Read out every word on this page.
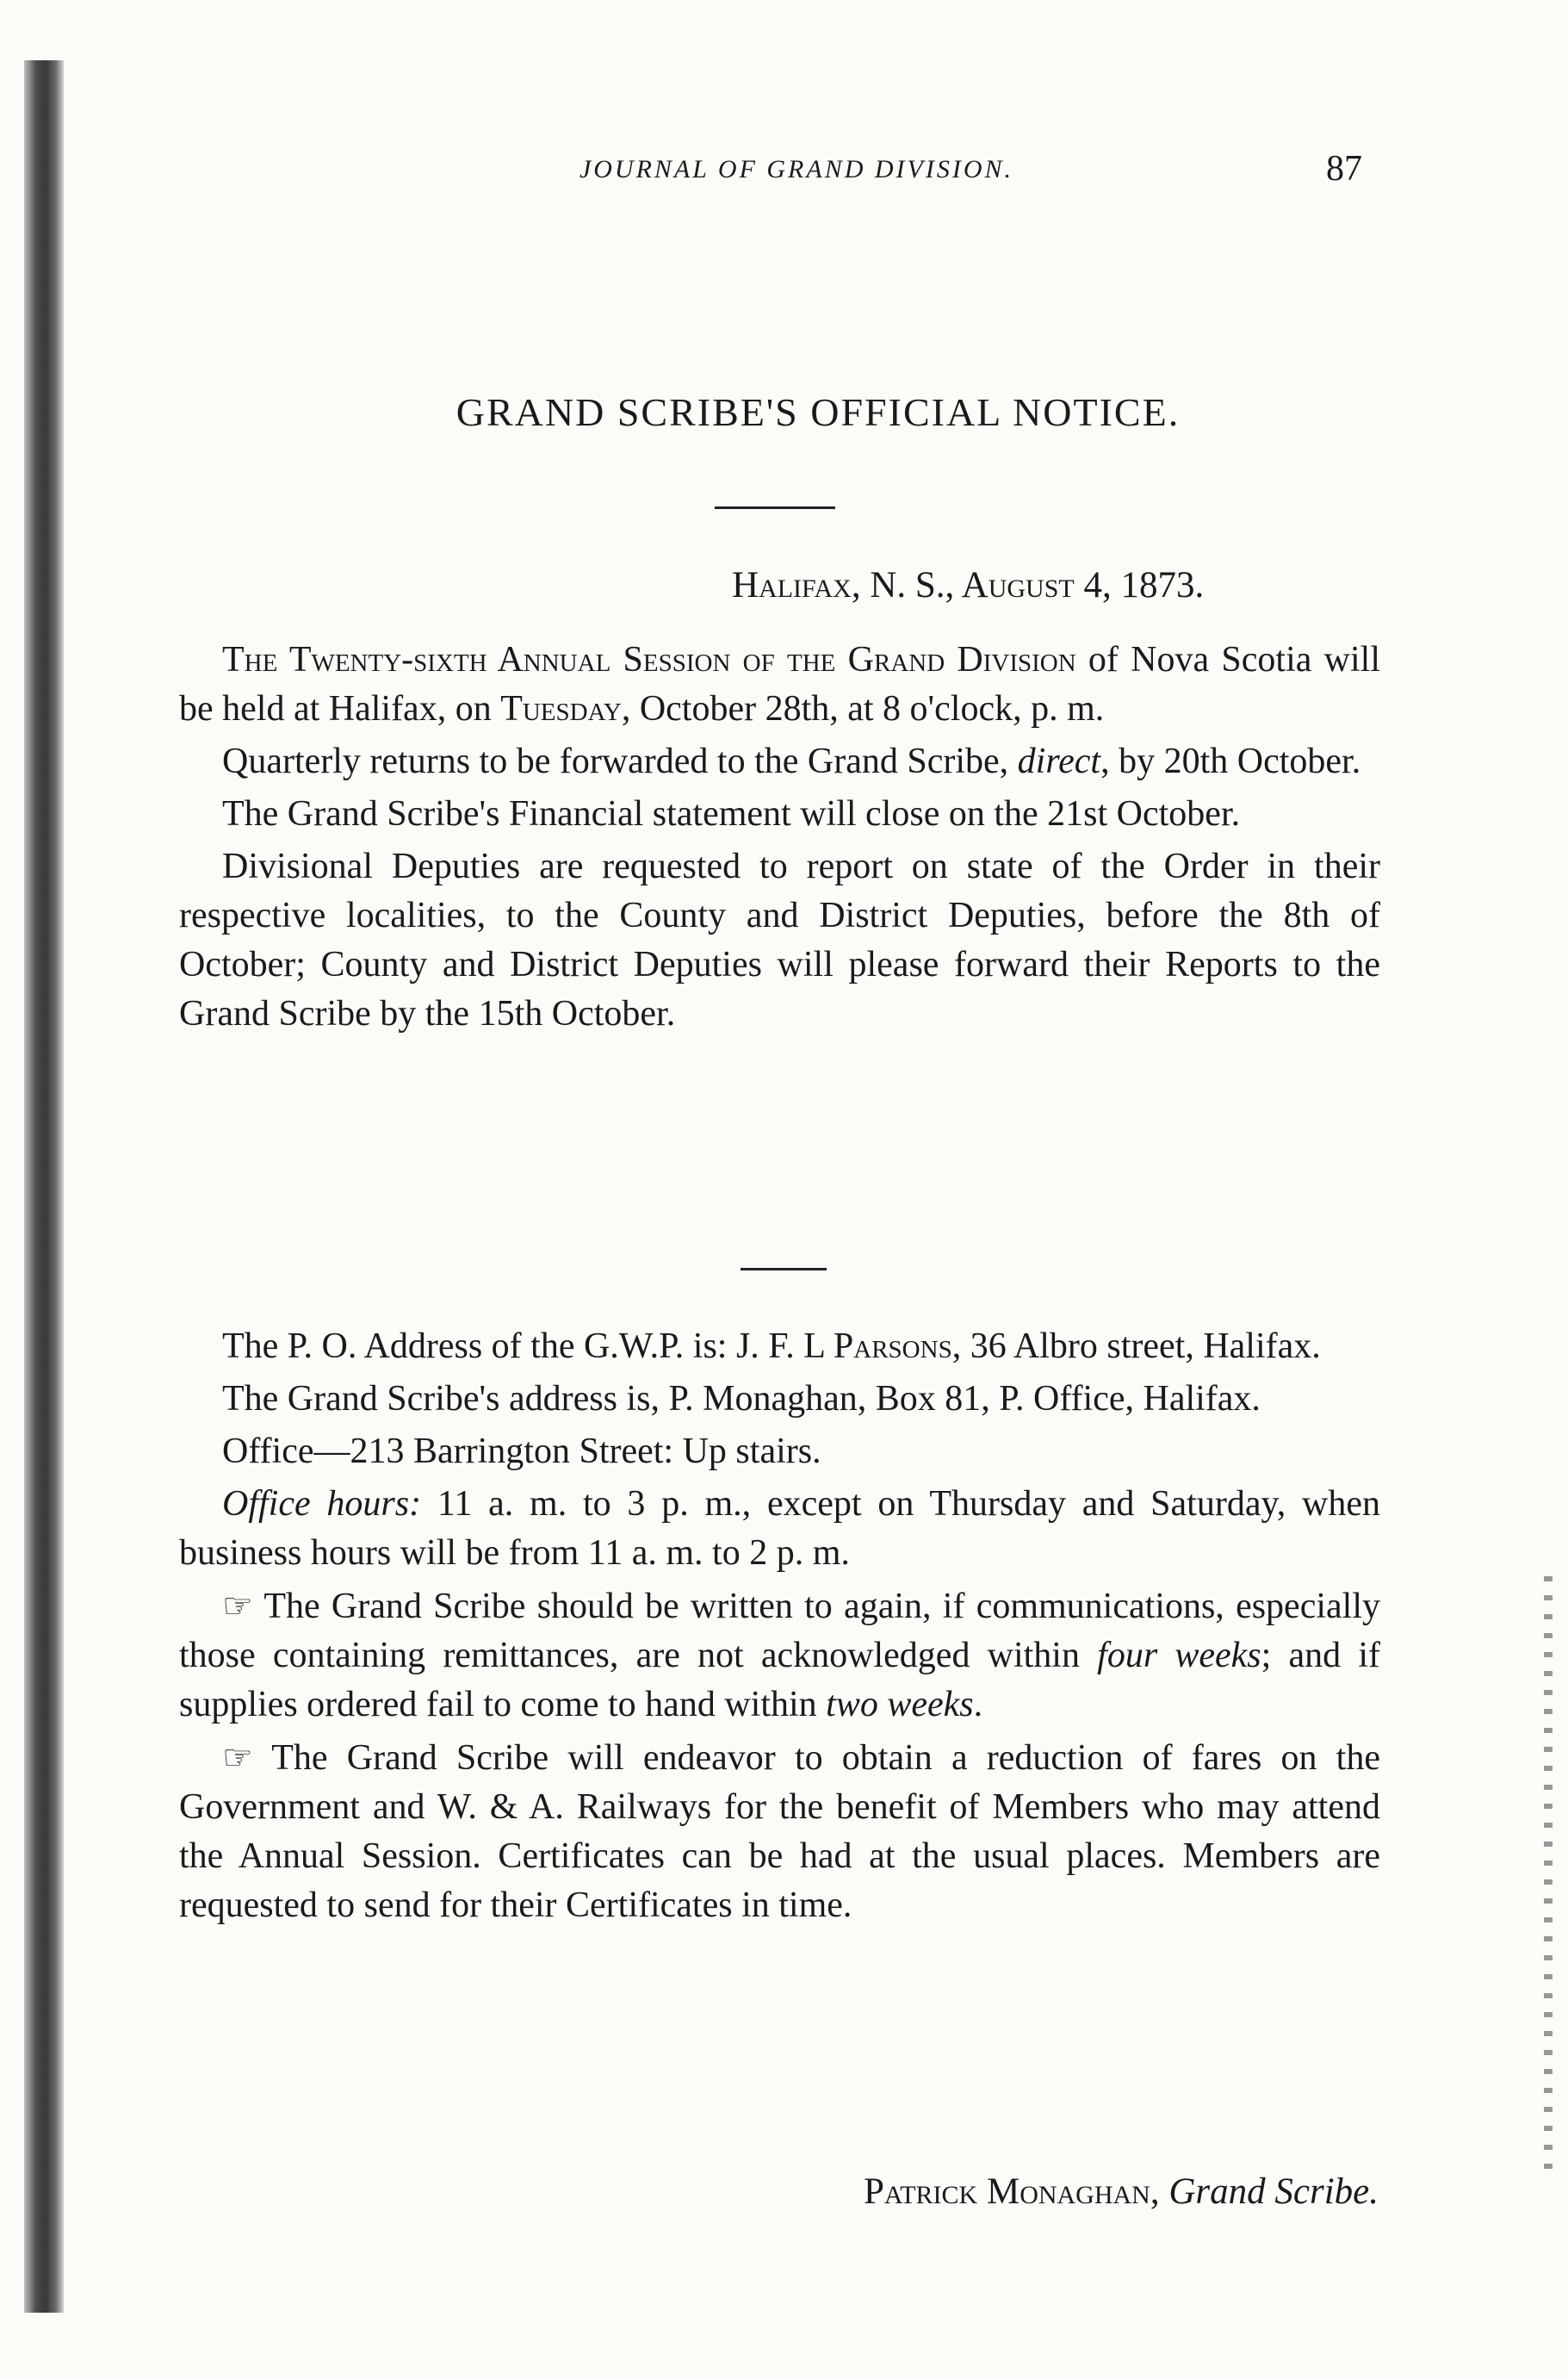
JOURNAL OF GRAND DIVISION.	87
GRAND SCRIBE'S OFFICIAL NOTICE.
Halifax, N. S., August 4, 1873.

The Twenty-sixth Annual Session of the Grand Division of Nova Scotia will be held at Halifax, on Tuesday, October 28th, at 8 o'clock, p. m.

Quarterly returns to be forwarded to the Grand Scribe, direct, by 20th October.

The Grand Scribe's Financial statement will close on the 21st October.

Divisional Deputies are requested to report on state of the Order in their respective localities, to the County and District Deputies, before the 8th of October; County and District Deputies will please forward their Reports to the Grand Scribe by the 15th October.

The P. O. Address of the G.W.P. is: J. F. L Parsons, 36 Albro street, Halifax.

The Grand Scribe's address is, P. Monaghan, Box 81, P. Office, Halifax.

Office—213 Barrington Street: Up stairs.

Office hours: 11 a. m. to 3 p. m., except on Thursday and Saturday, when business hours will be from 11 a. m. to 2 p. m.

☞ The Grand Scribe should be written to again, if communications, especially those containing remittances, are not acknowledged within four weeks; and if supplies ordered fail to come to hand within two weeks.

☞ The Grand Scribe will endeavor to obtain a reduction of fares on the Government and W. & A. Railways for the benefit of Members who may attend the Annual Session. Certificates can be had at the usual places. Members are requested to send for their Certificates in time.

Patrick Monaghan, Grand Scribe.
